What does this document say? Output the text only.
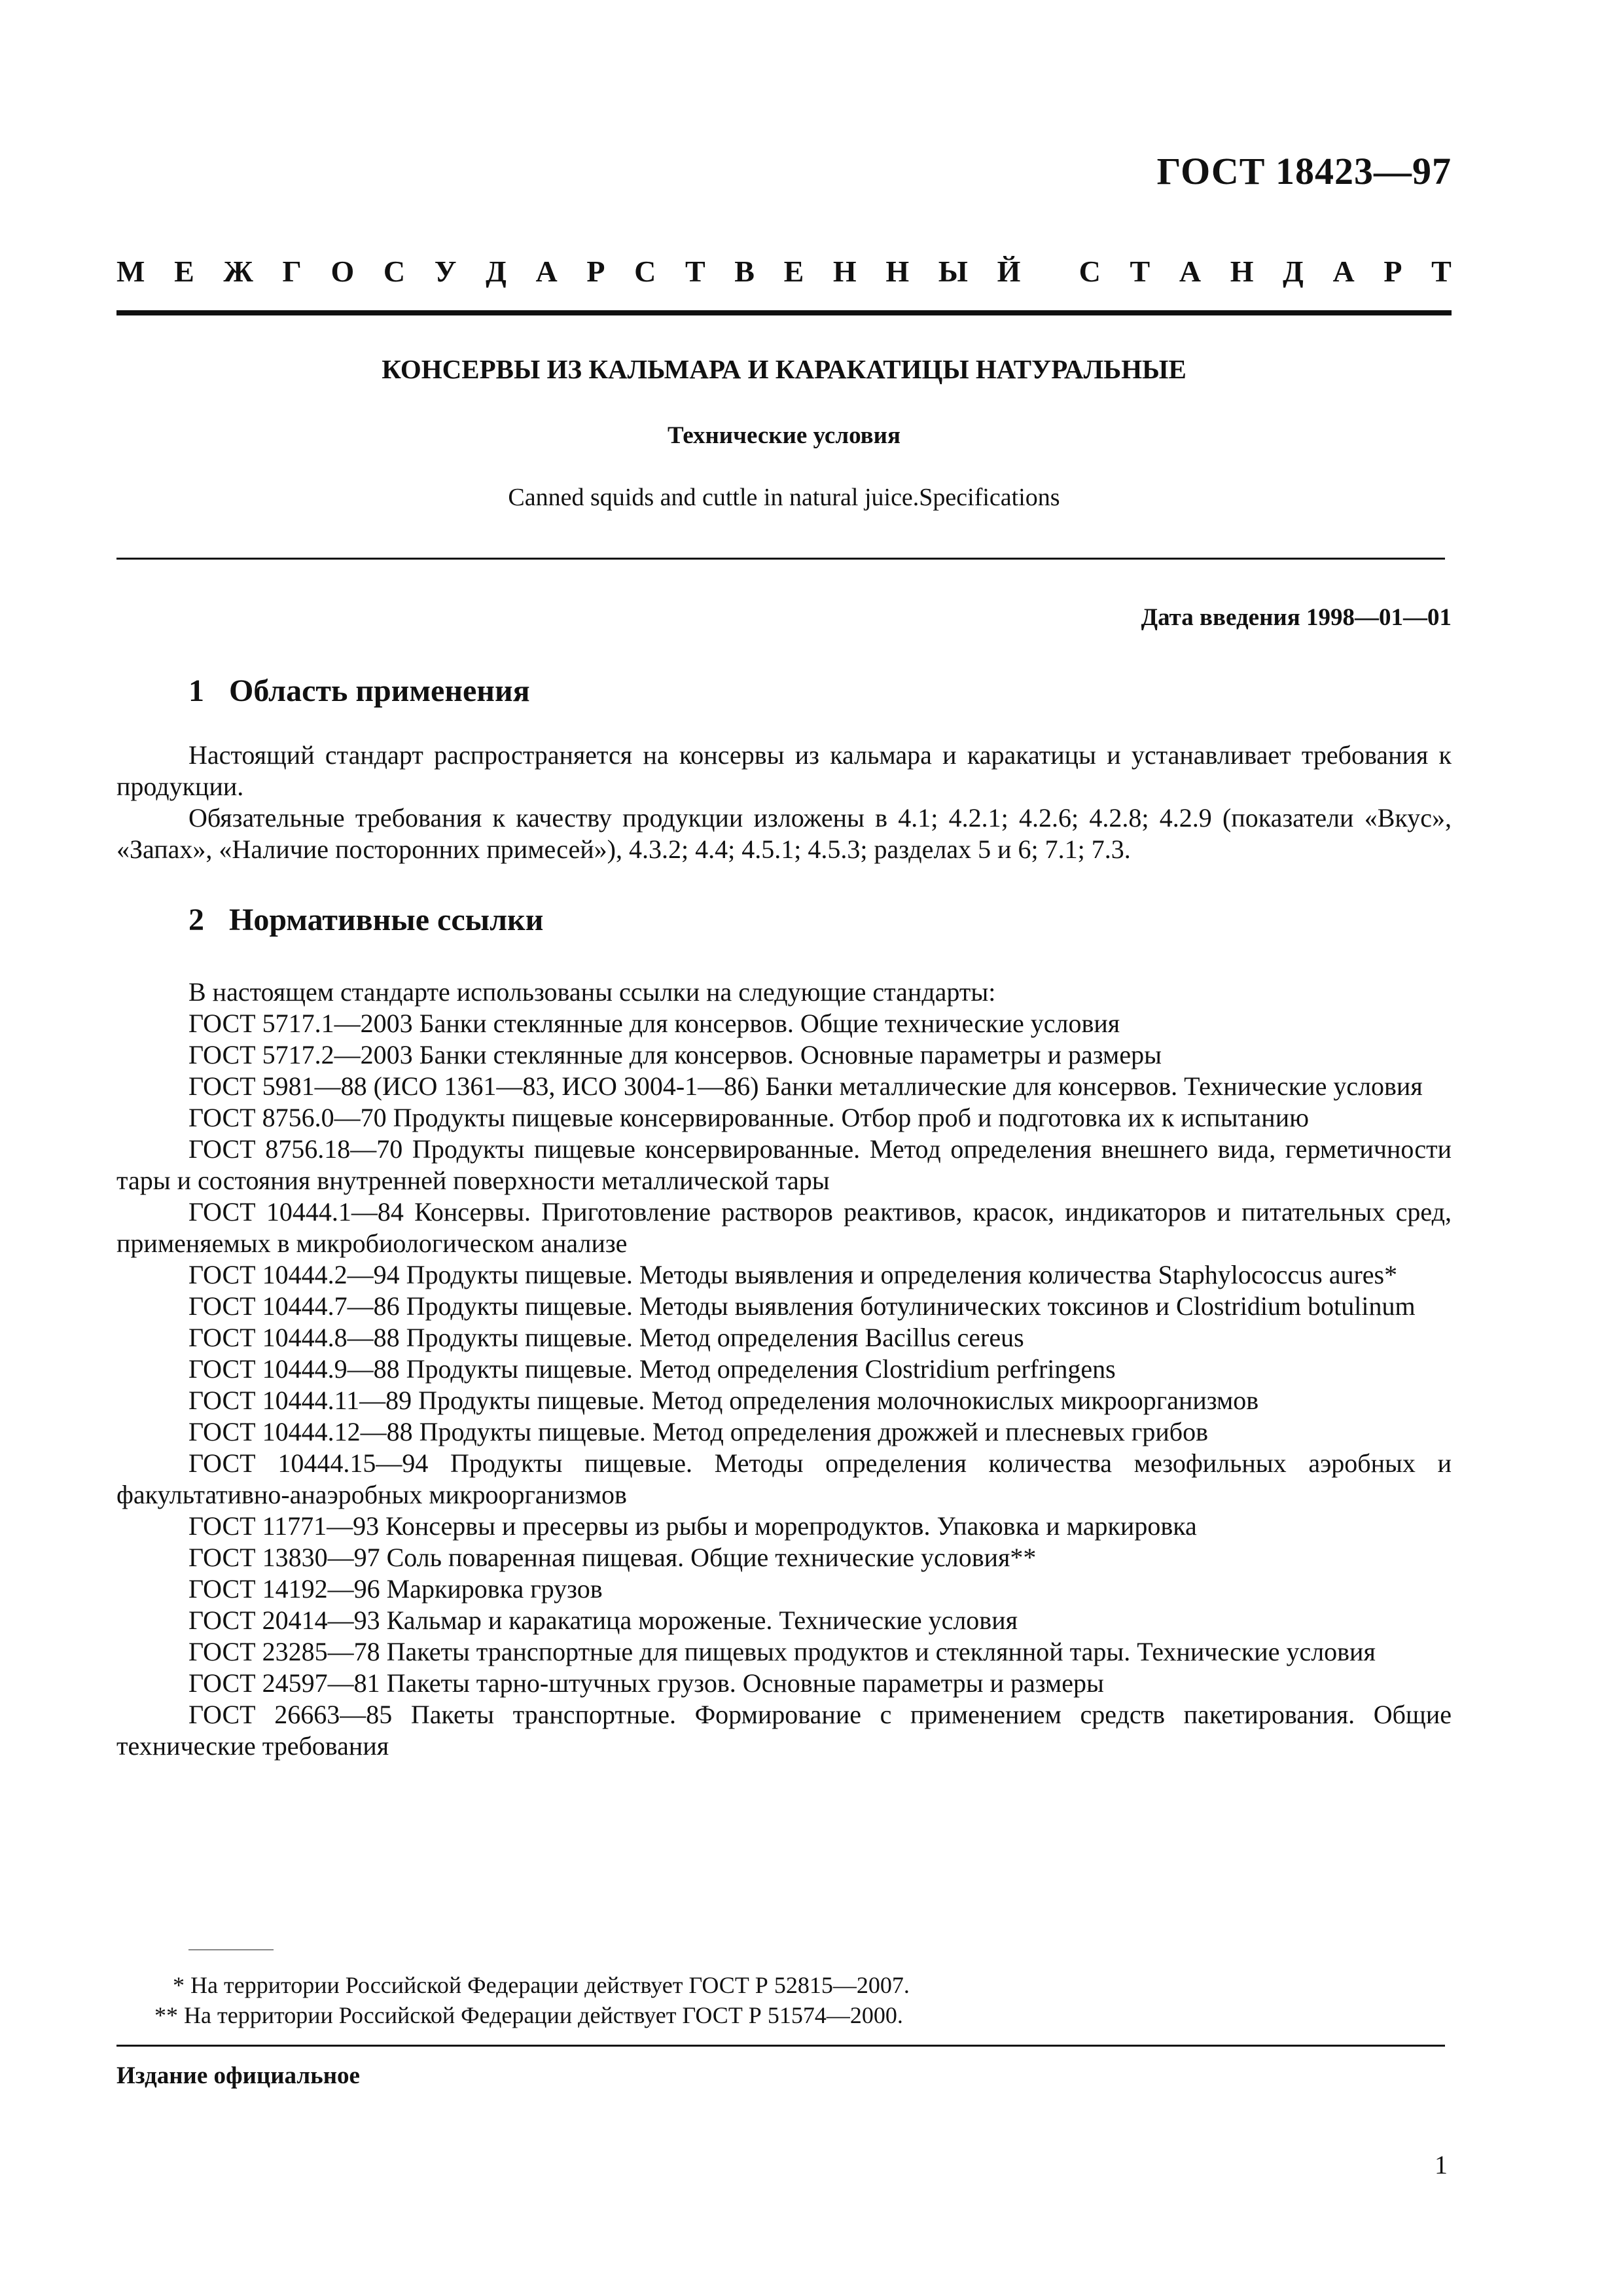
ГОСТ 18423—97
М Е Ж Г О С У Д А Р С Т В Е Н Н Ы Й С Т А Н Д А Р Т
КОНСЕРВЫ ИЗ КАЛЬМАРА И КАРАКАТИЦЫ НАТУРАЛЬНЫЕ
Технические условия
Canned squids and cuttle in natural juice.Specifications
Дата введения 1998—01—01
1 Область применения

Настоящий стандарт распространяется на консервы из кальмара и каракатицы и устанавливает требования к продукции.

Обязательные требования к качеству продукции изложены в 4.1; 4.2.1; 4.2.6; 4.2.8; 4.2.9 (показатели «Вкус», «Запах», «Наличие посторонних примесей»), 4.3.2; 4.4; 4.5.1; 4.5.3; разделах 5 и 6; 7.1; 7.3.

2 Нормативные ссылки

В настоящем стандарте использованы ссылки на следующие стандарты:

ГОСТ 5717.1—2003 Банки стеклянные для консервов. Общие технические условия

ГОСТ 5717.2—2003 Банки стеклянные для консервов. Основные параметры и размеры

ГОСТ 5981—88 (ИСО 1361—83, ИСО 3004-1—86) Банки металлические для консервов. Технические условия

ГОСТ 8756.0—70 Продукты пищевые консервированные. Отбор проб и подготовка их к испытанию

ГОСТ 8756.18—70 Продукты пищевые консервированные. Метод определения внешнего вида, герметичности тары и состояния внутренней поверхности металлической тары

ГОСТ 10444.1—84 Консервы. Приготовление растворов реактивов, красок, индикаторов и питательных сред, применяемых в микробиологическом анализе

ГОСТ 10444.2—94 Продукты пищевые. Методы выявления и определения количества Staphylococcus aures*

ГОСТ 10444.7—86 Продукты пищевые. Методы выявления ботулинических токсинов и Clostridium botulinum

ГОСТ 10444.8—88 Продукты пищевые. Метод определения Bacillus cereus

ГОСТ 10444.9—88 Продукты пищевые. Метод определения Clostridium perfringens

ГОСТ 10444.11—89 Продукты пищевые. Метод определения молочнокислых микроорганизмов

ГОСТ 10444.12—88 Продукты пищевые. Метод определения дрожжей и плесневых грибов

ГОСТ 10444.15—94 Продукты пищевые. Методы определения количества мезофильных аэробных и факультативно-анаэробных микроорганизмов

ГОСТ 11771—93 Консервы и пресервы из рыбы и морепродуктов. Упаковка и маркировка

ГОСТ 13830—97 Соль поваренная пищевая. Общие технические условия**

ГОСТ 14192—96 Маркировка грузов

ГОСТ 20414—93 Кальмар и каракатица мороженые. Технические условия

ГОСТ 23285—78 Пакеты транспортные для пищевых продуктов и стеклянной тары. Технические условия

ГОСТ 24597—81 Пакеты тарно-штучных грузов. Основные параметры и размеры

ГОСТ 26663—85 Пакеты транспортные. Формирование с применением средств пакетирования. Общие технические требования

* На территории Российской Федерации действует ГОСТ Р 52815—2007.
** На территории Российской Федерации действует ГОСТ Р 51574—2000.
Издание официальное
1
